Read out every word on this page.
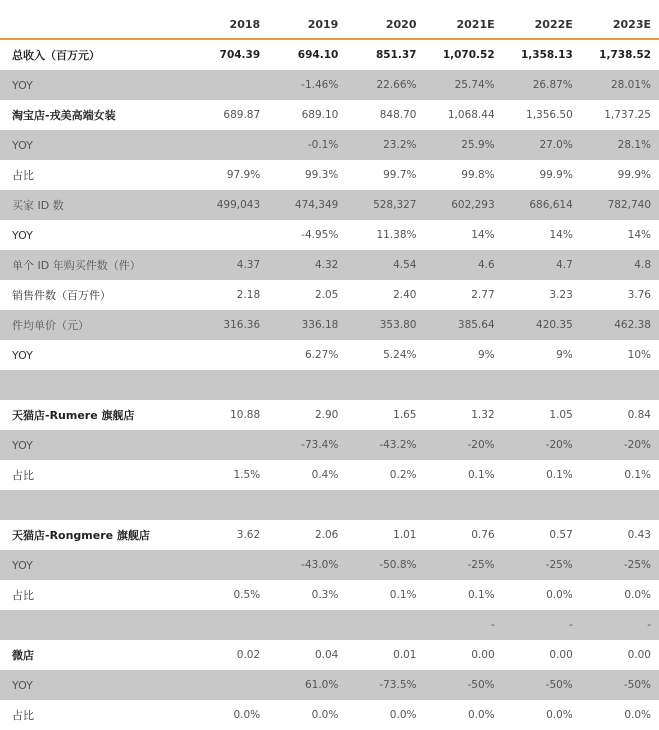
	2018	2019	2020	2021E	2022E	2023E
总收入（百万元）	704.39	694.10	851.37	1,070.52	1,358.13	1,738.52
YOY		-1.46%	22.66%	25.74%	26.87%	28.01%
淘宝店-戎美高端女装	689.87	689.10	848.70	1,068.44	1,356.50	1,737.25
YOY		-0.1%	23.2%	25.9%	27.0%	28.1%
占比	97.9%	99.3%	99.7%	99.8%	99.9%	99.9%
买家 ID 数	499,043	474,349	528,327	602,293	686,614	782,740
YOY		-4.95%	11.38%	14%	14%	14%
单个 ID 年购买件数（件）	4.37	4.32	4.54	4.6	4.7	4.8
销售件数（百万件）	2.18	2.05	2.40	2.77	3.23	3.76
件均单价（元）	316.36	336.18	353.80	385.64	420.35	462.38
YOY		6.27%	5.24%	9%	9%	10%

天猫店-Rumere 旗舰店	10.88	2.90	1.65	1.32	1.05	0.84
YOY		-73.4%	-43.2%	-20%	-20%	-20%
占比	1.5%	0.4%	0.2%	0.1%	0.1%	0.1%

天猫店-Rongmere 旗舰店	3.62	2.06	1.01	0.76	0.57	0.43
YOY		-43.0%	-50.8%	-25%	-25%	-25%
占比	0.5%	0.3%	0.1%	0.1%	0.0%	0.0%
				-	-	-
微店	0.02	0.04	0.01	0.00	0.00	0.00
YOY		61.0%	-73.5%	-50%	-50%	-50%
占比	0.0%	0.0%	0.0%	0.0%	0.0%	0.0%
